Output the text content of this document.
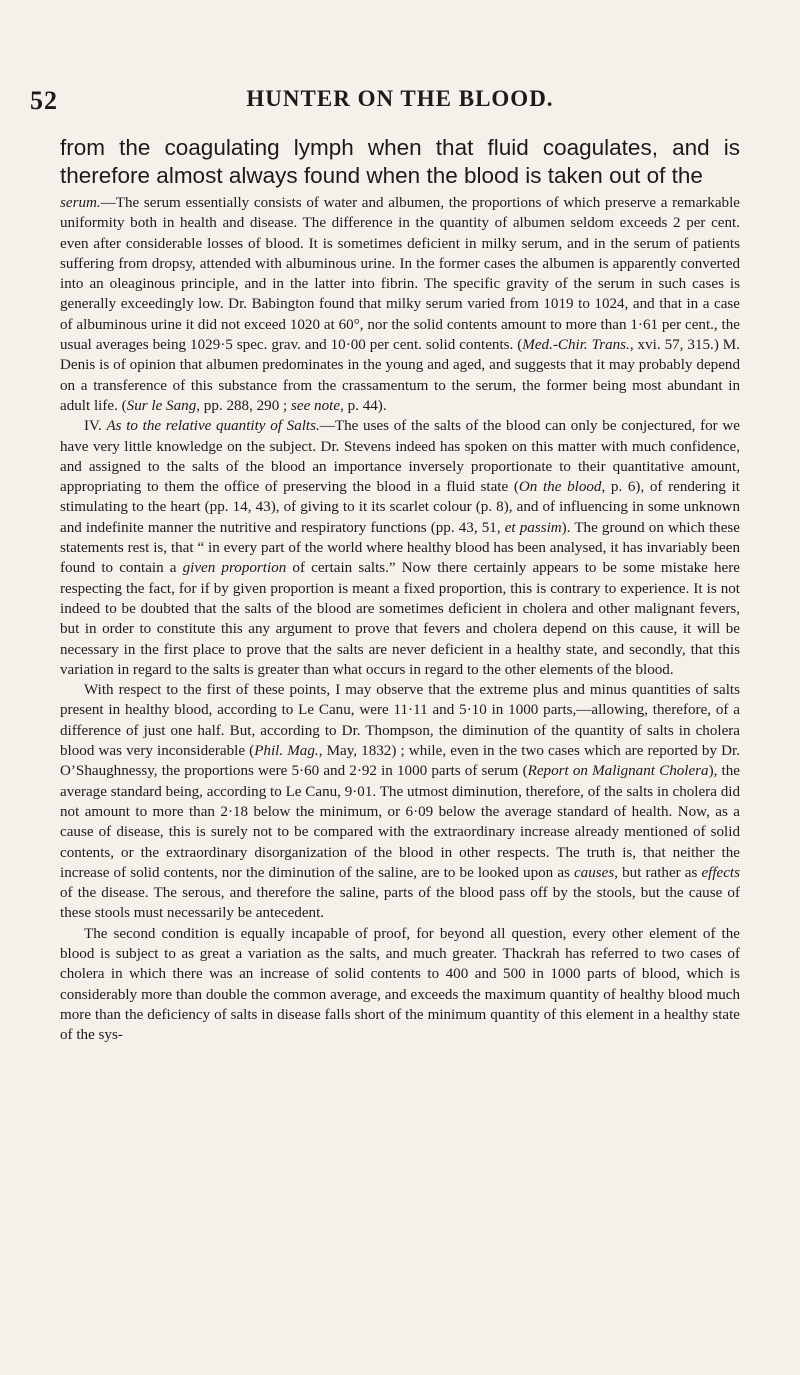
52	HUNTER ON THE BLOOD.
from the coagulating lymph when that fluid coagulates, and is therefore almost always found when the blood is taken out of the

serum.—The serum essentially consists of water and albumen, the proportions of which preserve a remarkable uniformity both in health and disease. The difference in the quantity of albumen seldom exceeds 2 per cent. even after considerable losses of blood. It is sometimes deficient in milky serum, and in the serum of patients suffering from dropsy, attended with albuminous urine. In the former cases the albumen is apparently converted into an oleaginous principle, and in the latter into fibrin. The specific gravity of the serum in such cases is generally exceedingly low. Dr. Babington found that milky serum varied from 1019 to 1024, and that in a case of albuminous urine it did not exceed 1020 at 60°, nor the solid contents amount to more than 1·61 per cent., the usual averages being 1029·5 spec. grav. and 10·00 per cent. solid contents. (Med.-Chir. Trans., xvi. 57, 315.) M. Denis is of opinion that albumen predominates in the young and aged, and suggests that it may probably depend on a transference of this substance from the crassamentum to the serum, the former being most abundant in adult life. (Sur le Sang, pp. 288, 290 ; see note, p. 44).

IV. As to the relative quantity of Salts.—The uses of the salts of the blood can only be conjectured, for we have very little knowledge on the subject. Dr. Stevens indeed has spoken on this matter with much confidence, and assigned to the salts of the blood an importance inversely proportionate to their quantitative amount, appropriating to them the office of preserving the blood in a fluid state (On the blood, p. 6), of rendering it stimulating to the heart (pp. 14, 43), of giving to it its scarlet colour (p. 8), and of influencing in some unknown and indefinite manner the nutritive and respiratory functions (pp. 43, 51, et passim). The ground on which these statements rest is, that “ in every part of the world where healthy blood has been analysed, it has invariably been found to contain a given proportion of certain salts.” Now there certainly appears to be some mistake here respecting the fact, for if by given proportion is meant a fixed proportion, this is contrary to experience. It is not indeed to be doubted that the salts of the blood are sometimes deficient in cholera and other malignant fevers, but in order to constitute this any argument to prove that fevers and cholera depend on this cause, it will be necessary in the first place to prove that the salts are never deficient in a healthy state, and secondly, that this variation in regard to the salts is greater than what occurs in regard to the other elements of the blood.

With respect to the first of these points, I may observe that the extreme plus and minus quantities of salts present in healthy blood, according to Le Canu, were 11·11 and 5·10 in 1000 parts,—allowing, therefore, of a difference of just one half. But, according to Dr. Thompson, the diminution of the quantity of salts in cholera blood was very inconsiderable (Phil. Mag., May, 1832) ; while, even in the two cases which are reported by Dr. O’Shaughnessy, the proportions were 5·60 and 2·92 in 1000 parts of serum (Report on Malignant Cholera), the average standard being, according to Le Canu, 9·01. The utmost diminution, therefore, of the salts in cholera did not amount to more than 2·18 below the minimum, or 6·09 below the average standard of health. Now, as a cause of disease, this is surely not to be compared with the extraordinary increase already mentioned of solid contents, or the extraordinary disorganization of the blood in other respects. The truth is, that neither the increase of solid contents, nor the diminution of the saline, are to be looked upon as causes, but rather as effects of the disease. The serous, and therefore the saline, parts of the blood pass off by the stools, but the cause of these stools must necessarily be antecedent.

The second condition is equally incapable of proof, for beyond all question, every other element of the blood is subject to as great a variation as the salts, and much greater. Thackrah has referred to two cases of cholera in which there was an increase of solid contents to 400 and 500 in 1000 parts of blood, which is considerably more than double the common average, and exceeds the maximum quantity of healthy blood much more than the deficiency of salts in disease falls short of the minimum quantity of this element in a healthy state of the sys-
